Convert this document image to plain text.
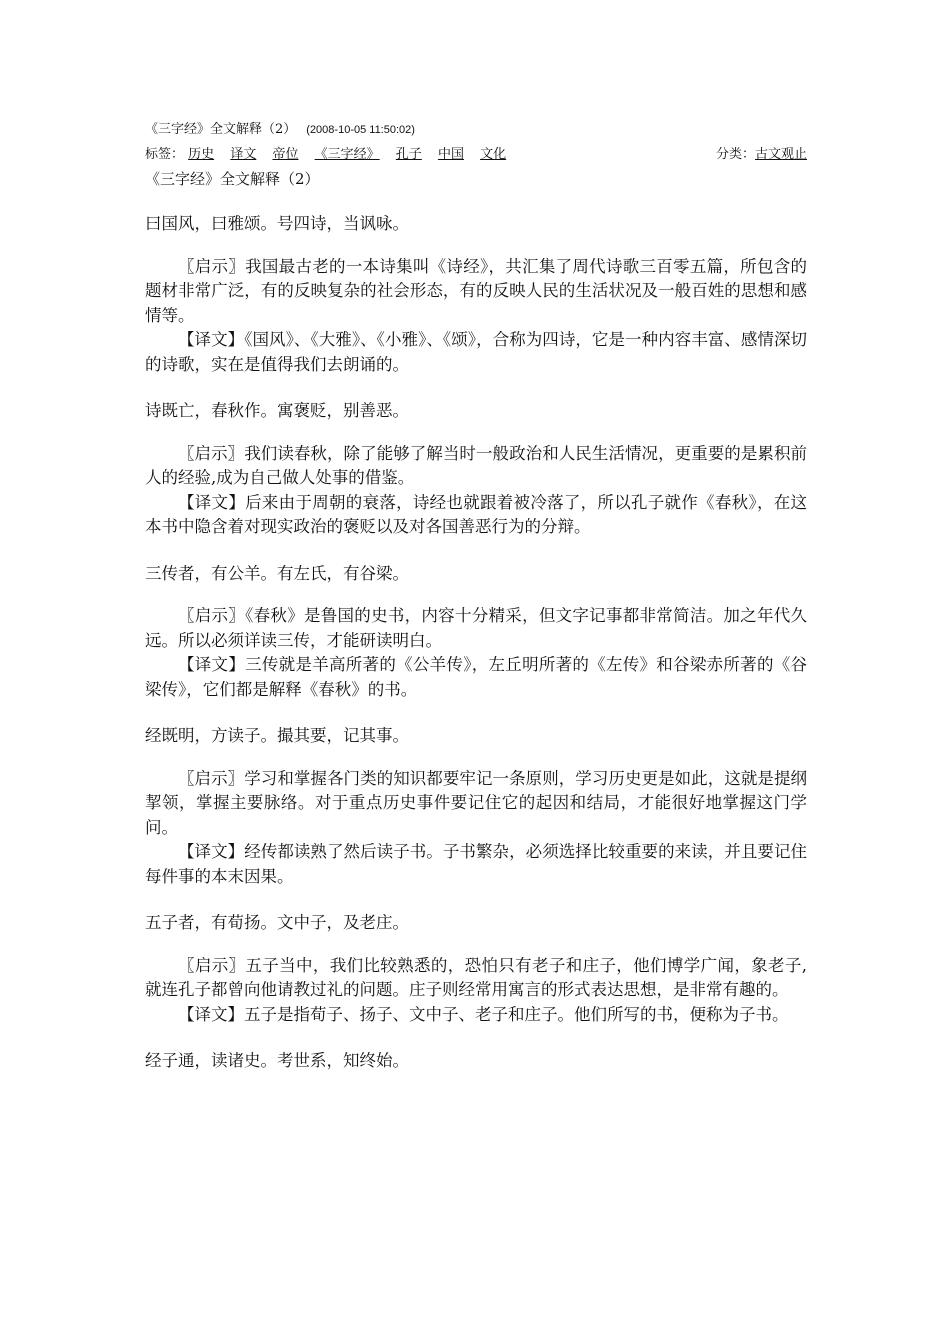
《三字经》全文解释（2） (2008-10-05 11:50:02)
标签： 历史 译文 帝位 《三字经》 孔子 中国 文化	分类：古文观止
《三字经》全文解释（2）

曰国风，曰雅颂。号四诗，当讽咏。

〖启示〗我国最古老的一本诗集叫《诗经》，共汇集了周代诗歌三百零五篇，所包含的题材非常广泛，有的反映复杂的社会形态，有的反映人民的生活状况及一般百姓的思想和感情等。

【译文】《国风》、《大雅》、《小雅》、《颂》，合称为四诗，它是一种内容丰富、感情深切的诗歌，实在是值得我们去朗诵的。

诗既亡，春秋作。寓褒贬，别善恶。

〖启示〗我们读春秋，除了能够了解当时一般政治和人民生活情况，更重要的是累积前人的经验,成为自己做人处事的借鉴。

【译文】后来由于周朝的衰落，诗经也就跟着被冷落了，所以孔子就作《春秋》，在这本书中隐含着对现实政治的褒贬以及对各国善恶行为的分辩。

三传者，有公羊。有左氏，有谷梁。

〖启示〗《春秋》是鲁国的史书，内容十分精采，但文字记事都非常简洁。加之年代久远。所以必须详读三传，才能研读明白。

【译文】三传就是羊高所著的《公羊传》，左丘明所著的《左传》和谷梁赤所著的《谷梁传》，它们都是解释《春秋》的书。

经既明，方读子。撮其要，记其事。

〖启示〗学习和掌握各门类的知识都要牢记一条原则，学习历史更是如此，这就是提纲挈领，掌握主要脉络。对于重点历史事件要记住它的起因和结局，才能很好地掌握这门学问。

【译文】经传都读熟了然后读子书。子书繁杂，必须选择比较重要的来读，并且要记住每件事的本末因果。

五子者，有荀扬。文中子，及老庄。

〖启示〗五子当中，我们比较熟悉的，恐怕只有老子和庄子，他们博学广闻，象老子,就连孔子都曾向他请教过礼的问题。庄子则经常用寓言的形式表达思想，是非常有趣的。

【译文】五子是指荀子、扬子、文中子、老子和庄子。他们所写的书，便称为子书。

经子通，读诸史。考世系，知终始。
